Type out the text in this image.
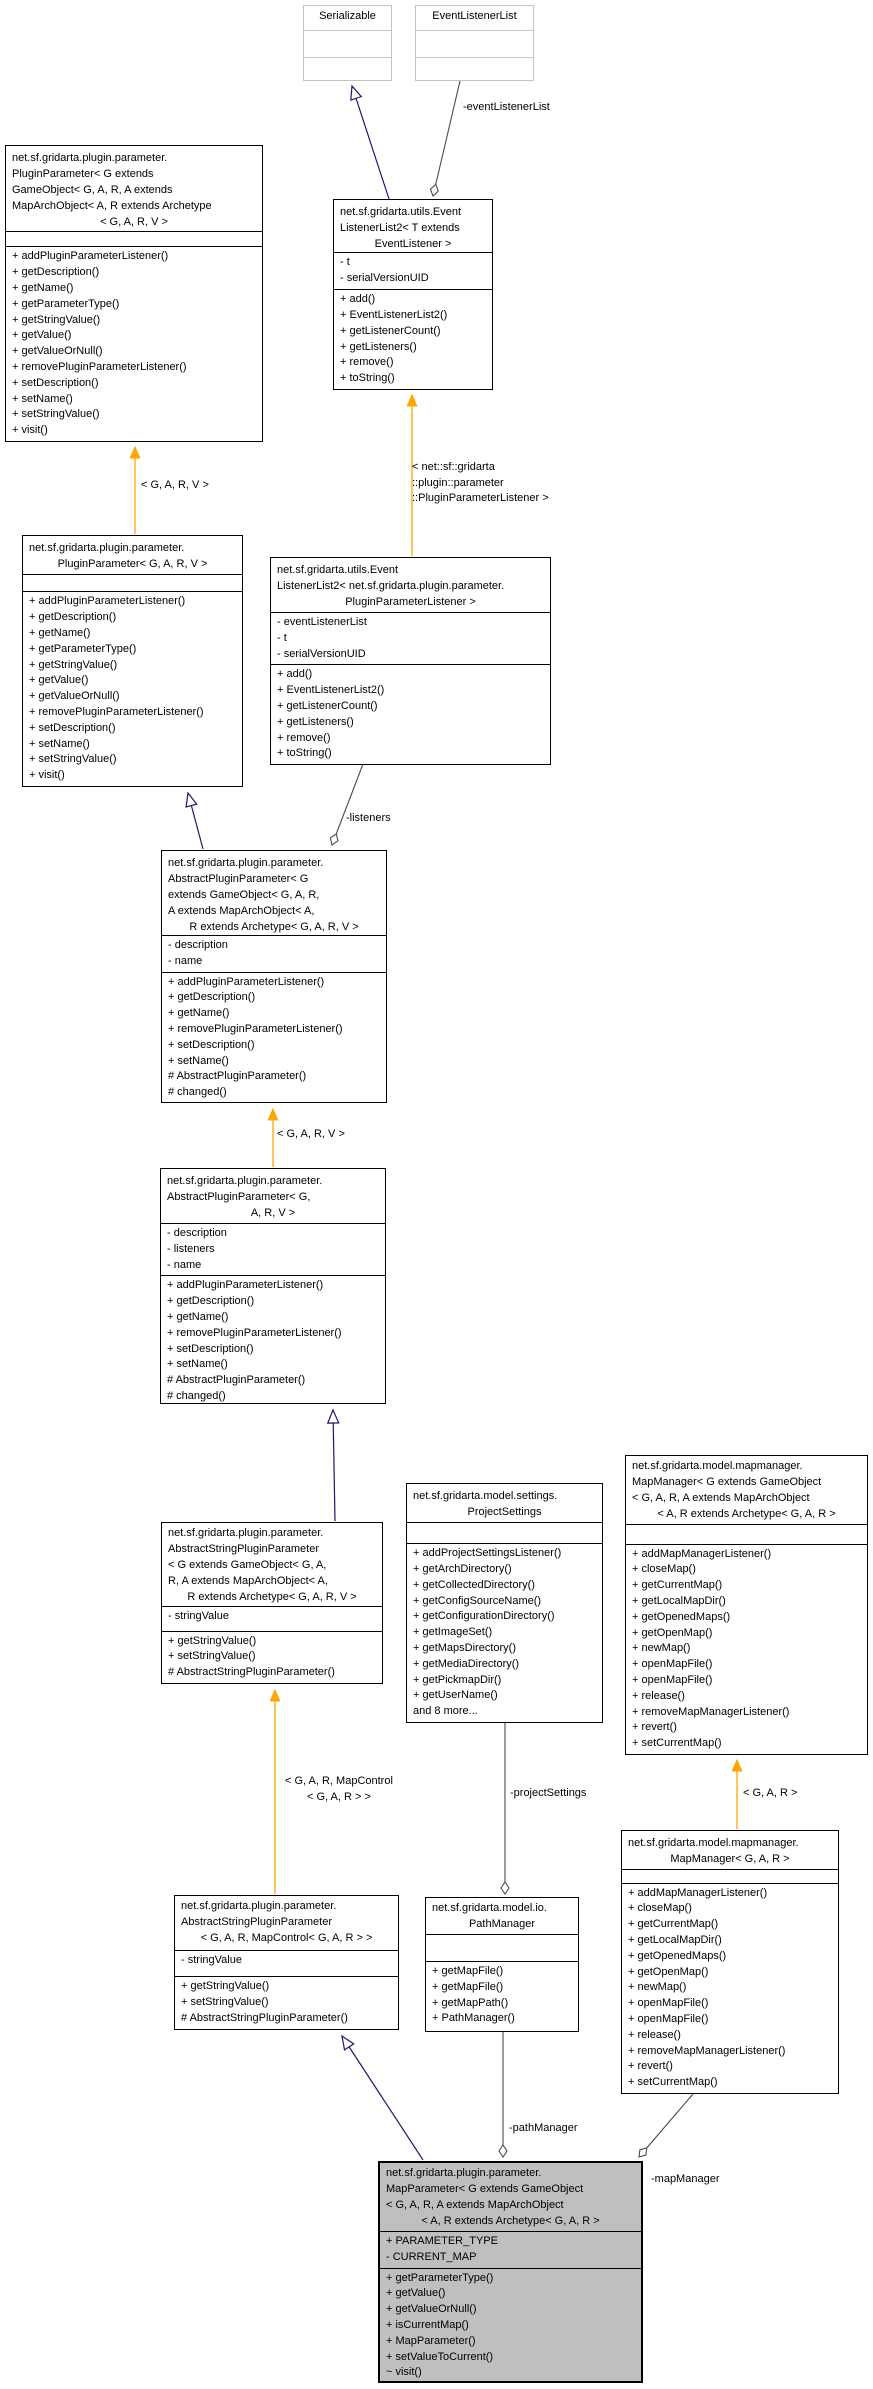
Serializable	EventListenerList
net.sf.gridarta.utils.Event
ListenerList2< T extends
EventListener >
- t
- serialVersionUID
+ add()
+ EventListenerList2()
+ getListenerCount()
+ getListeners()
+ remove()
+ toString()
net.sf.gridarta.plugin.parameter.
PluginParameter< G extends
GameObject< G, A, R, A extends
MapArchObject< A, R extends Archetype
< G, A, R, V >
+ addPluginParameterListener()
+ getDescription()
+ getName()
+ getParameterType()
+ getStringValue()
+ getValue()
+ getValueOrNull()
+ removePluginParameterListener()
+ setDescription()
+ setName()
+ setStringValue()
+ visit()
net.sf.gridarta.plugin.parameter.
PluginParameter< G, A, R, V >
+ addPluginParameterListener()
+ getDescription()
+ getName()
+ getParameterType()
+ getStringValue()
+ getValue()
+ getValueOrNull()
+ removePluginParameterListener()
+ setDescription()
+ setName()
+ setStringValue()
+ visit()
net.sf.gridarta.utils.Event
ListenerList2< net.sf.gridarta.plugin.parameter.
PluginParameterListener >
- eventListenerList
- t
- serialVersionUID
+ add()
+ EventListenerList2()
+ getListenerCount()
+ getListeners()
+ remove()
+ toString()
net.sf.gridarta.plugin.parameter.
AbstractPluginParameter< G
extends GameObject< G, A, R,
A extends MapArchObject< A,
R extends Archetype< G, A, R, V >
- description
- name
+ addPluginParameterListener()
+ getDescription()
+ getName()
+ removePluginParameterListener()
+ setDescription()
+ setName()
# AbstractPluginParameter()
# changed()
net.sf.gridarta.plugin.parameter.
AbstractPluginParameter< G,
A, R, V >
- description
- listeners
- name
+ addPluginParameterListener()
+ getDescription()
+ getName()
+ removePluginParameterListener()
+ setDescription()
+ setName()
# AbstractPluginParameter()
# changed()
net.sf.gridarta.plugin.parameter.
AbstractStringPluginParameter
< G extends GameObject< G, A,
R, A extends MapArchObject< A,
R extends Archetype< G, A, R, V >
- stringValue
+ getStringValue()
+ setStringValue()
# AbstractStringPluginParameter()
net.sf.gridarta.model.settings.
ProjectSettings
+ addProjectSettingsListener()
+ getArchDirectory()
+ getCollectedDirectory()
+ getConfigSourceName()
+ getConfigurationDirectory()
+ getImageSet()
+ getMapsDirectory()
+ getMediaDirectory()
+ getPickmapDir()
+ getUserName()
and 8 more...
net.sf.gridarta.model.mapmanager.
MapManager< G extends GameObject
< G, A, R, A extends MapArchObject
< A, R extends Archetype< G, A, R >
+ addMapManagerListener()
+ closeMap()
+ getCurrentMap()
+ getLocalMapDir()
+ getOpenedMaps()
+ getOpenMap()
+ newMap()
+ openMapFile()
+ openMapFile()
+ release()
+ removeMapManagerListener()
+ revert()
+ setCurrentMap()
net.sf.gridarta.plugin.parameter.
AbstractStringPluginParameter
< G, A, R, MapControl< G, A, R > >
- stringValue
+ getStringValue()
+ setStringValue()
# AbstractStringPluginParameter()
net.sf.gridarta.model.io.
PathManager
+ getMapFile()
+ getMapFile()
+ getMapPath()
+ PathManager()
net.sf.gridarta.model.mapmanager.
MapManager< G, A, R >
+ addMapManagerListener()
+ closeMap()
+ getCurrentMap()
+ getLocalMapDir()
+ getOpenedMaps()
+ getOpenMap()
+ newMap()
+ openMapFile()
+ openMapFile()
+ release()
+ removeMapManagerListener()
+ revert()
+ setCurrentMap()
net.sf.gridarta.plugin.parameter.
MapParameter< G extends GameObject
< G, A, R, A extends MapArchObject
< A, R extends Archetype< G, A, R >
+ PARAMETER_TYPE
- CURRENT_MAP
+ getParameterType()
+ getValue()
+ getValueOrNull()
+ isCurrentMap()
+ MapParameter()
+ setValueToCurrent()
~ visit()
-eventListenerList
< net::sf::gridarta
::plugin::parameter
::PluginParameterListener >
< G, A, R, V >
-listeners
< G, A, R, V >
< G, A, R, MapControl
< G, A, R > >	-projectSettings	< G, A, R >
-pathManager
-mapManager
